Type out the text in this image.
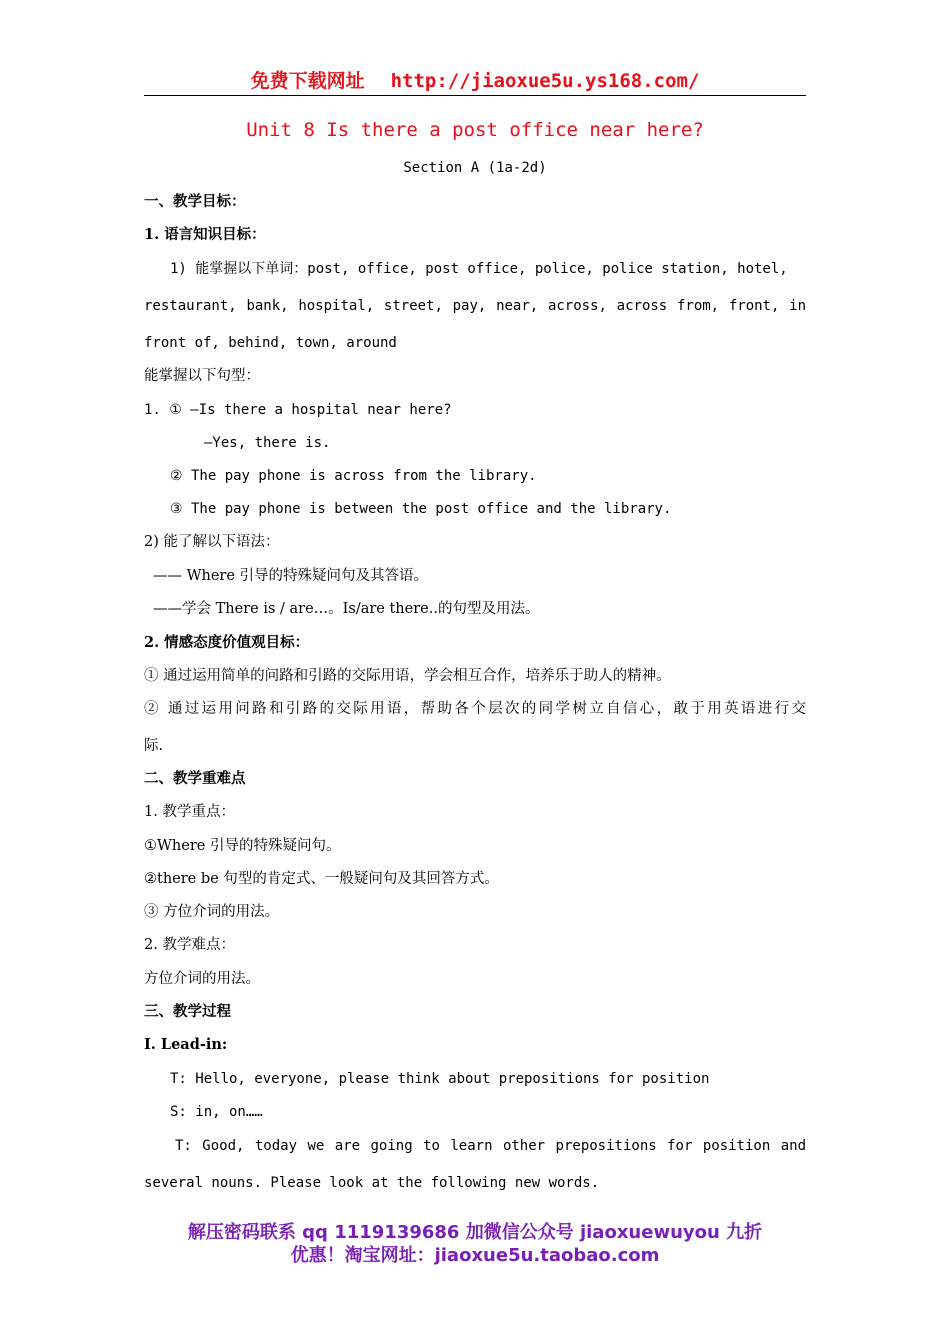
免费下载网址 http://jiaoxue5u.ys168.com/
Unit 8 Is there a post office near here?
Section A (1a-2d)
一、教学目标：
1. 语言知识目标：
1) 能掌握以下单词：post, office, post office, police, police station, hotel,
restaurant, bank, hospital, street, pay, near, across, across from, front, in
front of, behind, town, around
能掌握以下句型：
1. ① —Is there a hospital near here?
—Yes, there is.
② The pay phone is across from the library.
③ The pay phone is between the post office and the library.
2) 能了解以下语法：
—— Where 引导的特殊疑问句及其答语。
——学会 There is / are…。Is/are there..的句型及用法。
2. 情感态度价值观目标：
① 通过运用简单的问路和引路的交际用语，学会相互合作，培养乐于助人的精神。
② 通过运用问路和引路的交际用语，帮助各个层次的同学树立自信心，敢于用英语进行交
际.
二、教学重难点
1. 教学重点：
①Where 引导的特殊疑问句。
②there be 句型的肯定式、一般疑问句及其回答方式。
③ 方位介词的用法。
2. 教学难点：
方位介词的用法。
三、教学过程
Ⅰ. Lead-in:
T: Hello, everyone, please think about prepositions for position
S: in, on……
T: Good, today we are going to learn other prepositions for position and
several nouns. Please look at the following new words.
解压密码联系 qq 1119139686 加微信公众号 jiaoxuewuyou 九折
优惠！淘宝网址：jiaoxue5u.taobao.com
